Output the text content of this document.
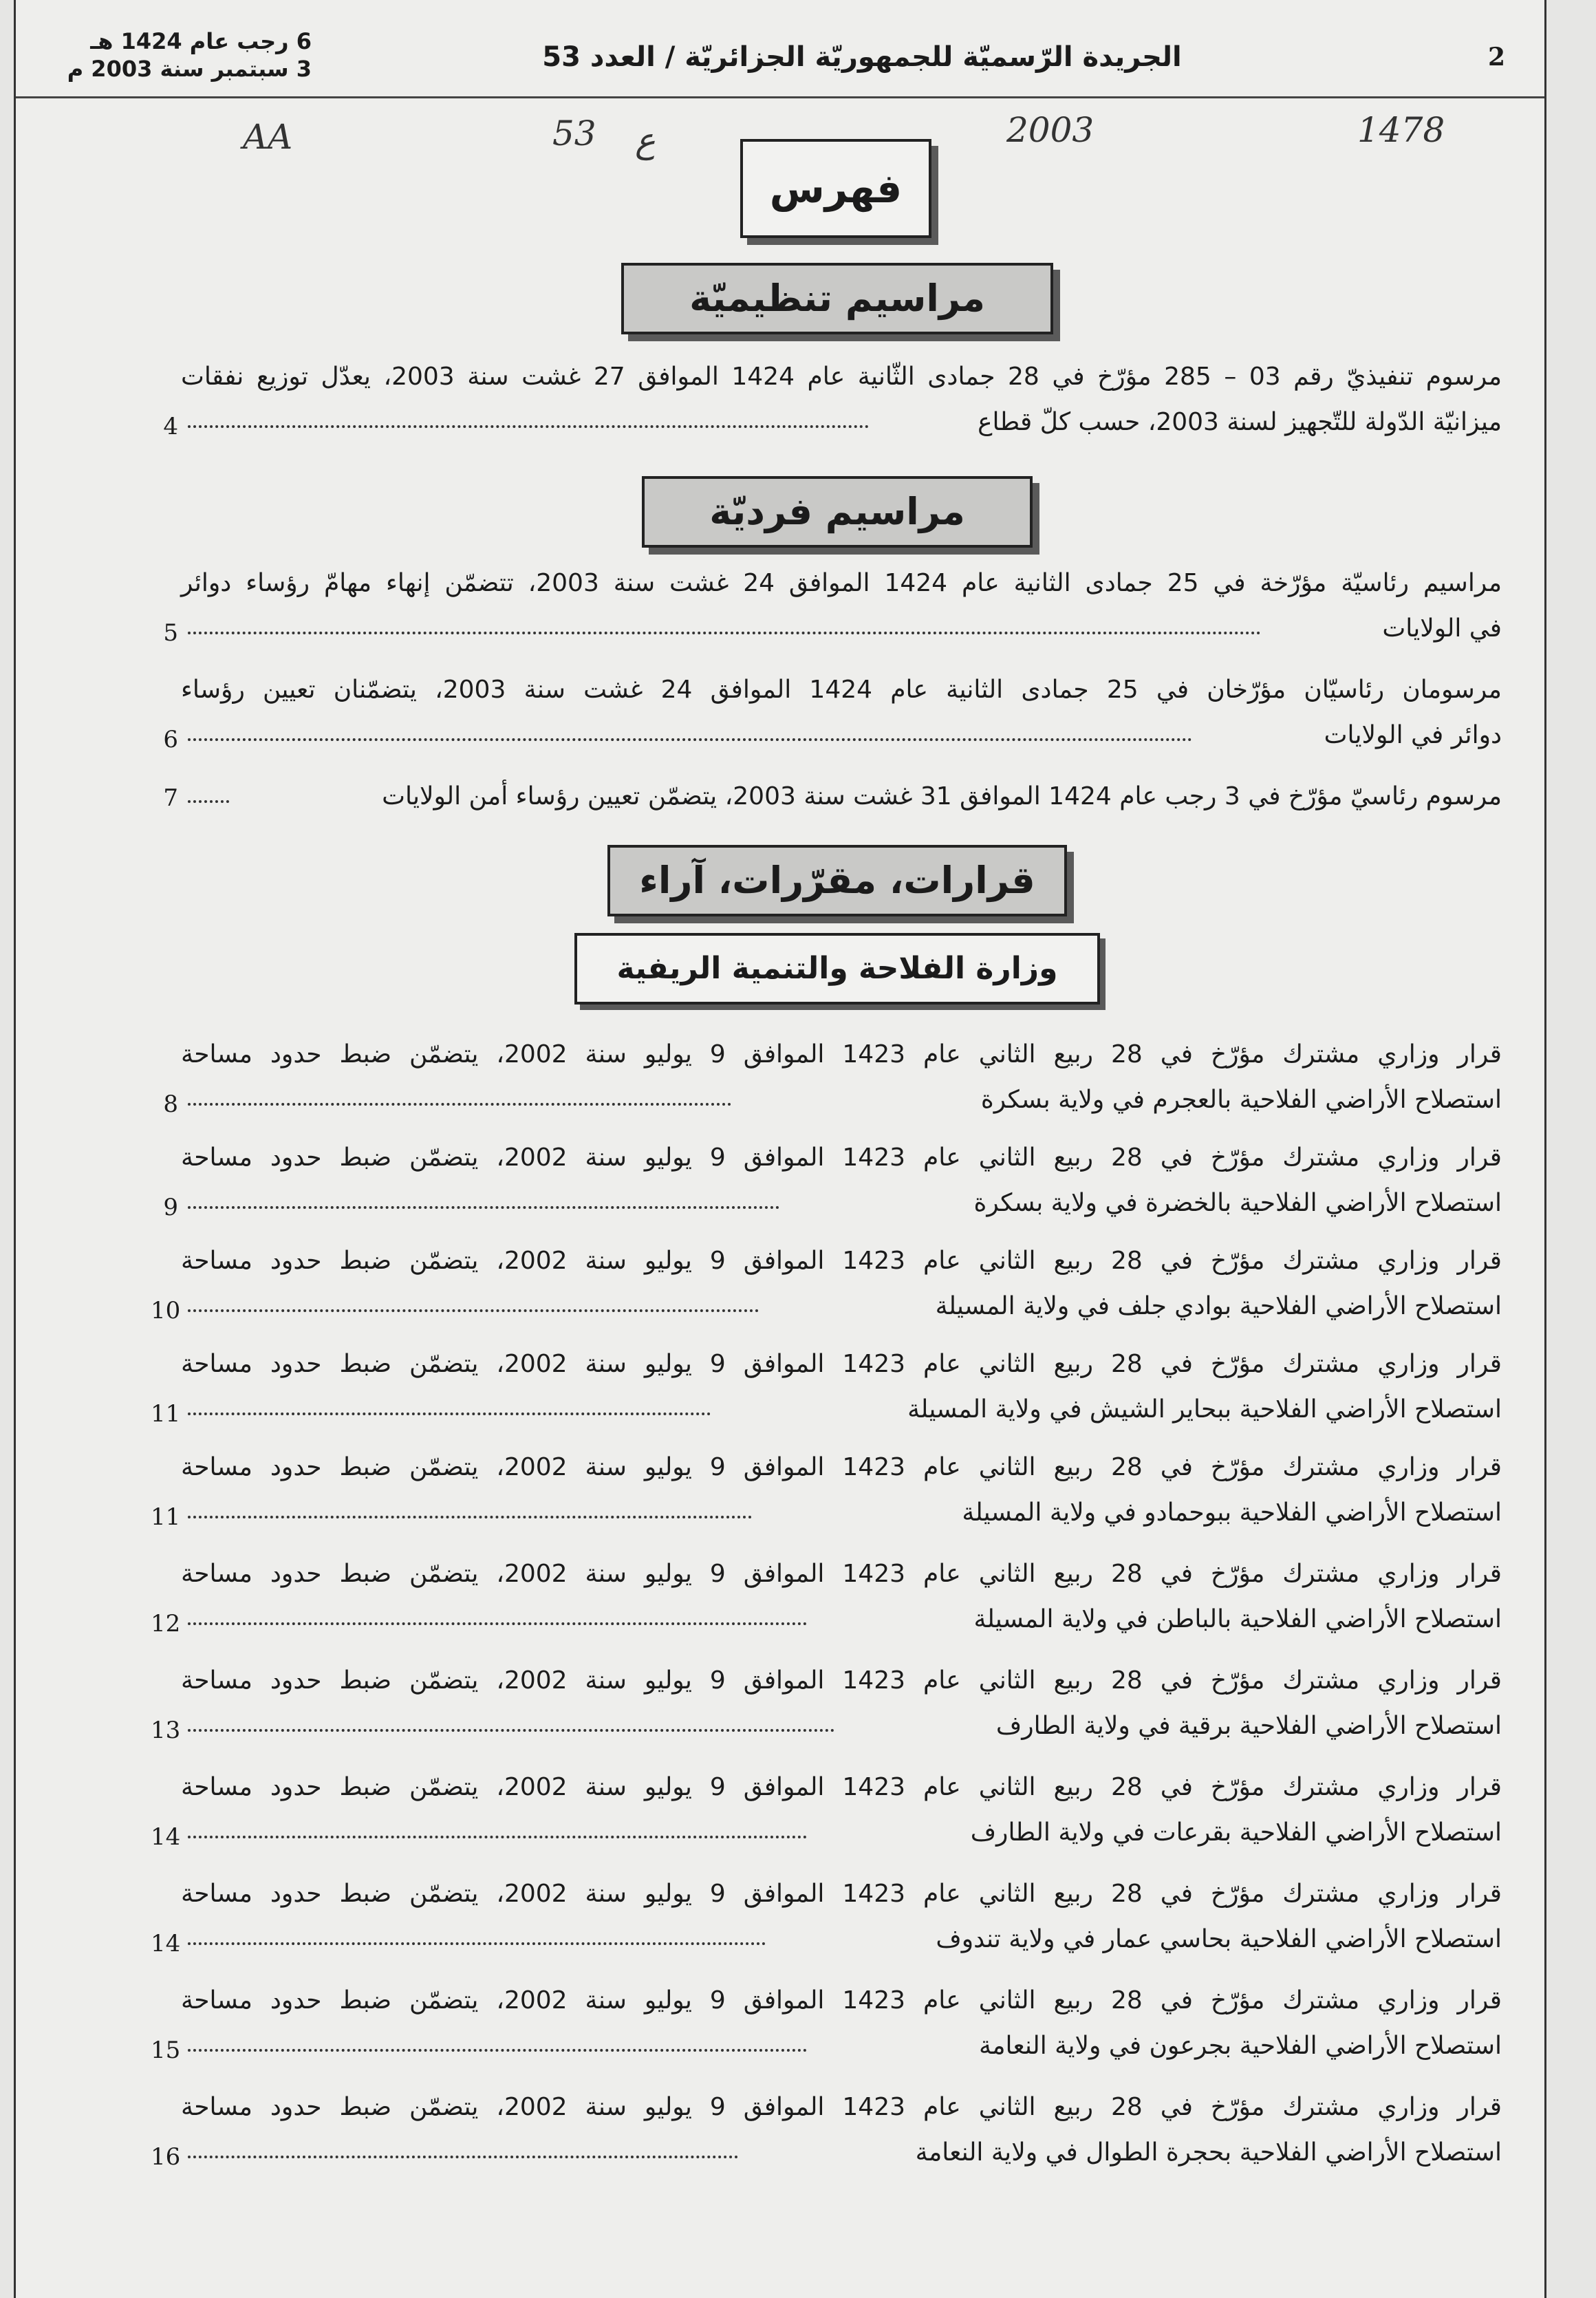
2
الجريدة الرّسميّة للجمهوريّة الجزائريّة / العدد 53
6 رجب عام 1424 هـ
3 سبتمبر سنة 2003 م
AA	53 ع	2003	1478
فهرس
مراسيم تنظيميّة
مرسوم تنفيذيّ رقم 03 – 285 مؤرّخ في 28 جمادى الثّانية عام 1424 الموافق 27 غشت سنة 2003، يعدّل توزيع نفقات
ميزانيّة الدّولة للتّجهيز لسنة 2003، حسب كلّ قطاع
4
مراسيم فرديّة
مراسيم رئاسيّة مؤرّخة في 25 جمادى الثانية عام 1424 الموافق 24 غشت سنة 2003، تتضمّن إنهاء مهامّ رؤساء دوائر
في الولايات
5
مرسومان رئاسيّان مؤرّخان في 25 جمادى الثانية عام 1424 الموافق 24 غشت سنة 2003، يتضمّنان تعيين رؤساء
دوائر في الولايات
6
مرسوم رئاسيّ مؤرّخ في 3 رجب عام 1424 الموافق 31 غشت سنة 2003، يتضمّن تعيين رؤساء أمن الولايات
7
قرارات، مقرّرات، آراء
وزارة الفلاحة والتنمية الريفية
قرار وزاري مشترك مؤرّخ في 28 ربيع الثاني عام 1423 الموافق 9 يوليو سنة 2002، يتضمّن ضبط حدود مساحة
استصلاح الأراضي الفلاحية بالعجرم في ولاية بسكرة
8
قرار وزاري مشترك مؤرّخ في 28 ربيع الثاني عام 1423 الموافق 9 يوليو سنة 2002، يتضمّن ضبط حدود مساحة
استصلاح الأراضي الفلاحية بالخضرة في ولاية بسكرة
9
قرار وزاري مشترك مؤرّخ في 28 ربيع الثاني عام 1423 الموافق 9 يوليو سنة 2002، يتضمّن ضبط حدود مساحة
استصلاح الأراضي الفلاحية بوادي جلف في ولاية المسيلة
10
قرار وزاري مشترك مؤرّخ في 28 ربيع الثاني عام 1423 الموافق 9 يوليو سنة 2002، يتضمّن ضبط حدود مساحة
استصلاح الأراضي الفلاحية ببحاير الشيش في ولاية المسيلة
11
قرار وزاري مشترك مؤرّخ في 28 ربيع الثاني عام 1423 الموافق 9 يوليو سنة 2002، يتضمّن ضبط حدود مساحة
استصلاح الأراضي الفلاحية ببوحمادو في ولاية المسيلة
11
قرار وزاري مشترك مؤرّخ في 28 ربيع الثاني عام 1423 الموافق 9 يوليو سنة 2002، يتضمّن ضبط حدود مساحة
استصلاح الأراضي الفلاحية بالباطن في ولاية المسيلة
12
قرار وزاري مشترك مؤرّخ في 28 ربيع الثاني عام 1423 الموافق 9 يوليو سنة 2002، يتضمّن ضبط حدود مساحة
استصلاح الأراضي الفلاحية برقية في ولاية الطارف
13
قرار وزاري مشترك مؤرّخ في 28 ربيع الثاني عام 1423 الموافق 9 يوليو سنة 2002، يتضمّن ضبط حدود مساحة
استصلاح الأراضي الفلاحية بقرعات في ولاية الطارف
14
قرار وزاري مشترك مؤرّخ في 28 ربيع الثاني عام 1423 الموافق 9 يوليو سنة 2002، يتضمّن ضبط حدود مساحة
استصلاح الأراضي الفلاحية بحاسي عمار في ولاية تندوف
14
قرار وزاري مشترك مؤرّخ في 28 ربيع الثاني عام 1423 الموافق 9 يوليو سنة 2002، يتضمّن ضبط حدود مساحة
استصلاح الأراضي الفلاحية بجرعون في ولاية النعامة
15
قرار وزاري مشترك مؤرّخ في 28 ربيع الثاني عام 1423 الموافق 9 يوليو سنة 2002، يتضمّن ضبط حدود مساحة
استصلاح الأراضي الفلاحية بحجرة الطوال في ولاية النعامة
16
